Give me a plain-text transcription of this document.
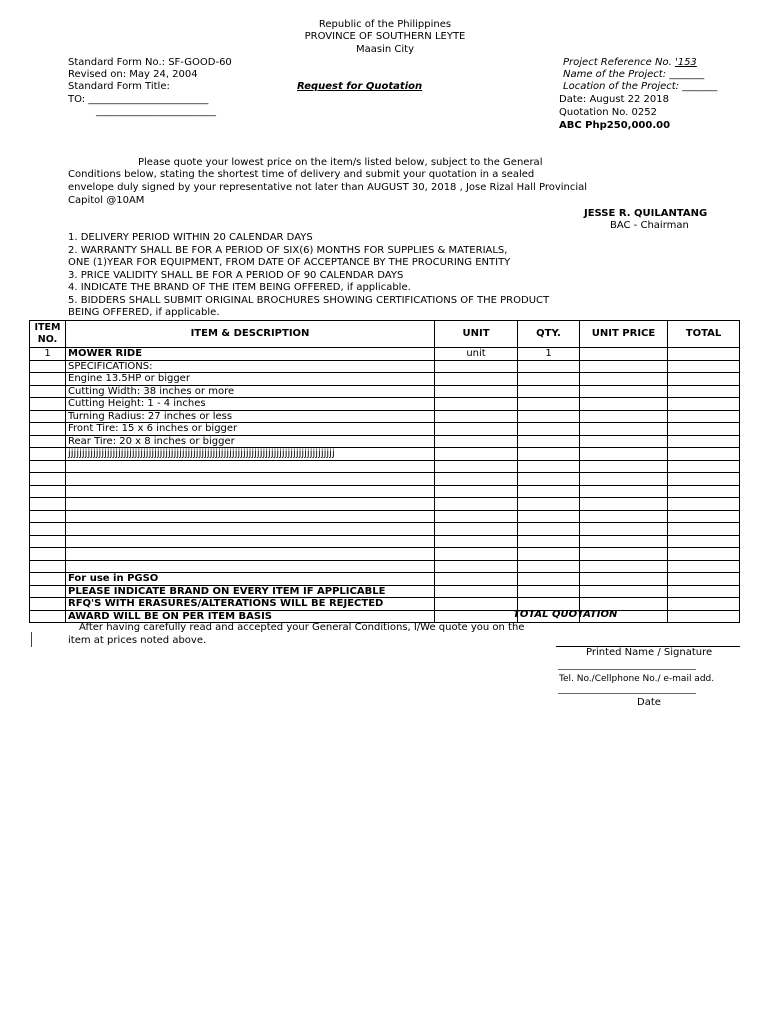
Republic of the Philippines
PROVINCE OF SOUTHERN LEYTE
Maasin City
Standard Form No.: SF-GOOD-60
Revised on: May 24, 2004
Standard Form Title:
TO: ________________________
________________________
Request for Quotation
Project Reference No. '153
Name of the Project: _______
Location of the Project: _______
Date: August 22 2018
Quotation No. 0252
ABC Php250,000.00
Please quote your lowest price on the item/s listed below, subject to the General
Conditions below, stating the shortest time of delivery and submit your quotation in a sealed
envelope duly signed by your representative not later than AUGUST 30, 2018 , Jose Rizal Hall Provincial
Capitol @10AM
JESSE R. QUILANTANG
BAC - Chairman
1. DELIVERY PERIOD WITHIN 20 CALENDAR DAYS
2. WARRANTY SHALL BE FOR A PERIOD OF SIX(6) MONTHS FOR SUPPLIES & MATERIALS,
ONE (1)YEAR FOR EQUIPMENT, FROM DATE OF ACCEPTANCE BY THE PROCURING ENTITY
3. PRICE VALIDITY SHALL BE FOR A PERIOD OF 90 CALENDAR DAYS
4. INDICATE THE BRAND OF THE ITEM BEING OFFERED, if applicable.
5. BIDDERS SHALL SUBMIT ORIGINAL BROCHURES SHOWING CERTIFICATIONS OF THE PRODUCT
BEING OFFERED, if applicable.
ITEM NO.	ITEM & DESCRIPTION	UNIT	QTY.	UNIT PRICE	TOTAL
1	MOWER RIDE	unit	1		
	SPECIFICATIONS:				
	Engine 13.5HP or bigger				
	Cutting Width: 38 inches or more				
	Cutting Height: 1 - 4 inches				
	Turning Radius: 27 inches or less				
	Front Tire: 15 x 6 inches or bigger				
	Rear Tire: 20 x 8 inches or bigger				
	jjjjjjjjjjjjjjjjjjjjjjjjjjjjjjjjjjjjjjjjjjjjjjjjjjjjjjjjjjjjjjjjjjjjjjjjjjjjjjjjjjjjjjjjjjjjjjjj				

	For use in PGSO				
	PLEASE INDICATE BRAND ON EVERY ITEM IF APPLICABLE				
	RFQ'S WITH ERASURES/ALTERATIONS WILL BE REJECTED				
	AWARD WILL BE ON PER ITEM BASIS					TOTAL QUOTATION
After having carefully read and accepted your General Conditions, I/We quote you on the
item at prices noted above.
Printed Name / Signature
Tel. No./Cellphone No./ e-mail add.
Date
